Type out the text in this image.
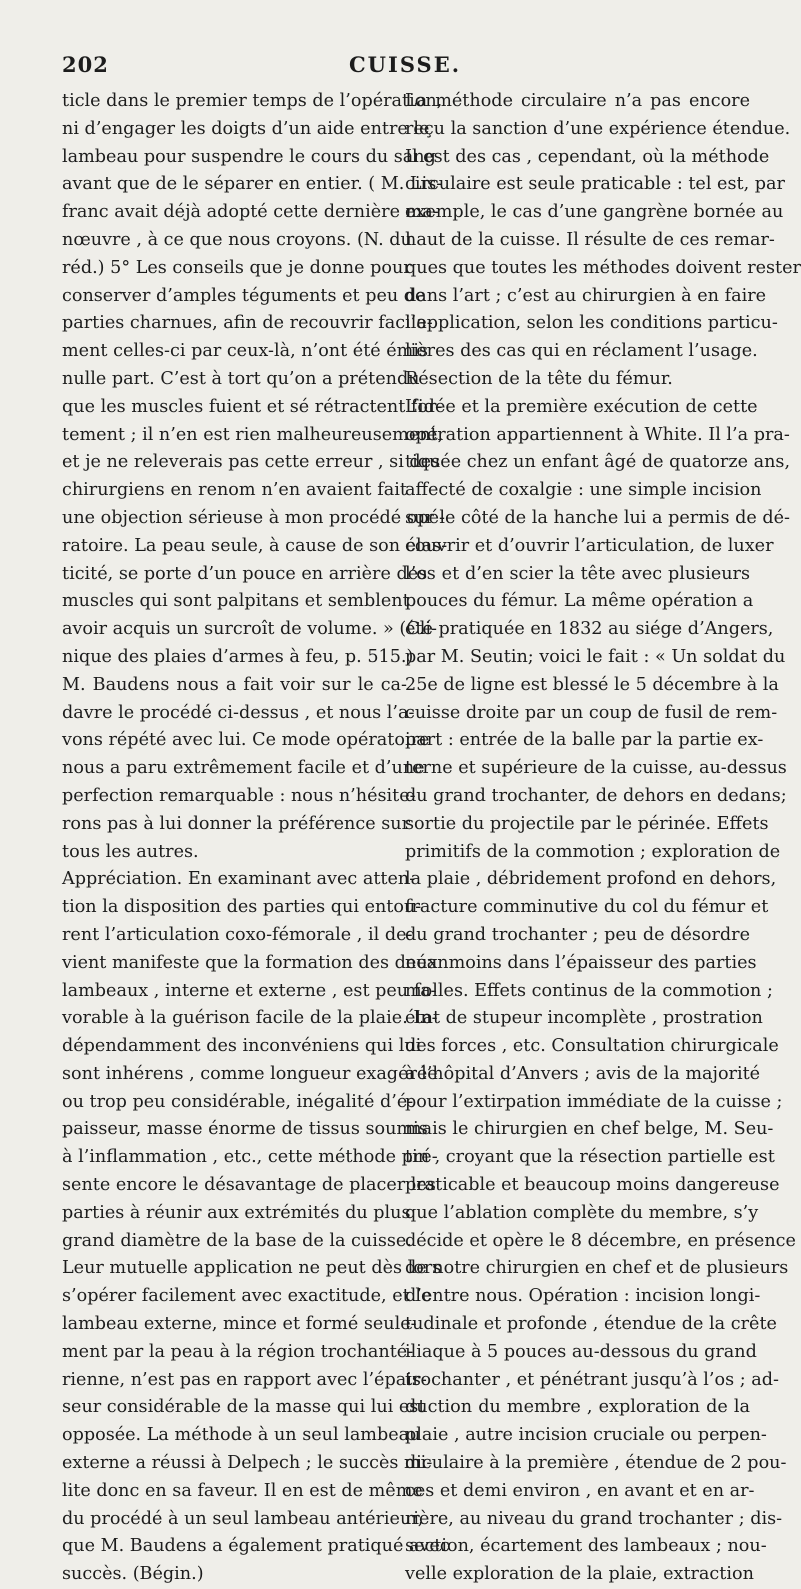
202	CUISSE.
ticle dans le premier temps de l’opération,
ni d’engager les doigts d’un aide entre le
lambeau pour suspendre le cours du sang
avant que de le séparer en entier. ( M. Lis-
franc avait déjà adopté cette dernière ma-
nœuvre , à ce que nous croyons. (N. du
réd.) 5° Les conseils que je donne pour
conserver d’amples téguments et peu de
parties charnues, afin de recouvrir facile-
ment celles-ci par ceux-là, n’ont été émis
nulle part. C’est à tort qu’on a prétendu
que les muscles fuient et sé rétractent for-
tement ; il n’en est rien malheureusement,
et je ne releverais pas cette erreur , si des
chirurgiens en renom n’en avaient fait
une objection sérieuse à mon procédé opé-
ratoire. La peau seule, à cause de son élas-
ticité, se porte d’un pouce en arrière des
muscles qui sont palpitans et semblent
avoir acquis un surcroît de volume. » (Cli-
nique des plaies d’armes à feu, p. 515.)
M. Baudens nous a fait voir sur le ca-
davre le procédé ci-dessus , et nous l’a-
vons répété avec lui. Ce mode opératoire
nous a paru extrêmement facile et d’une
perfection remarquable : nous n’hésite-
rons pas à lui donner la préférence sur
tous les autres.
Appréciation. En examinant avec atten-
tion la disposition des parties qui entou-
rent l’articulation coxo-fémorale , il de-
vient manifeste que la formation des deux
lambeaux , interne et externe , est peu fa-
vorable à la guérison facile de la plaie. In-
dépendamment des inconvéniens qui lui
sont inhérens , comme longueur exagérée
ou trop peu considérable, inégalité d’é-
paisseur, masse énorme de tissus soumis
à l’inflammation , etc., cette méthode pré-
sente encore le désavantage de placer les
parties à réunir aux extrémités du plus
grand diamètre de la base de la cuisse.
Leur mutuelle application ne peut dès lors
s’opérer facilement avec exactitude, et le
lambeau externe, mince et formé seule-
ment par la peau à la région trochanté-
rienne, n’est pas en rapport avec l’épais-
seur considérable de la masse qui lui est
opposée. La méthode à un seul lambeau
externe a réussi à Delpech ; le succès mi-
lite donc en sa faveur. Il en est de même
du procédé à un seul lambeau antérieur,
que M. Baudens a également pratiqué avec
succès. (Bégin.)
La méthode circulaire n’a pas encore
reçu la sanction d’une expérience étendue.
Il est des cas , cependant, où la méthode
circulaire est seule praticable : tel est, par
exemple, le cas d’une gangrène bornée au
haut de la cuisse. Il résulte de ces remar-
ques que toutes les méthodes doivent rester
dans l’art ; c’est au chirurgien à en faire
l’application, selon les conditions particu-
lières des cas qui en réclament l’usage.
Résection de la tête du fémur.
L’idée et la première exécution de cette
opération appartiennent à White. Il l’a pra-
tiquée chez un enfant âgé de quatorze ans,
affecté de coxalgie : une simple incision
sur le côté de la hanche lui a permis de dé-
couvrir et d’ouvrir l’articulation, de luxer
l’os et d’en scier la tête avec plusieurs
pouces du fémur. La même opération a
été pratiquée en 1832 au siége d’Angers,
par M. Seutin; voici le fait : « Un soldat du
25e de ligne est blessé le 5 décembre à la
cuisse droite par un coup de fusil de rem-
part : entrée de la balle par la partie ex-
terne et supérieure de la cuisse, au-dessus
du grand trochanter, de dehors en dedans;
sortie du projectile par le périnée. Effets
primitifs de la commotion ; exploration de
la plaie , débridement profond en dehors,
fracture comminutive du col du fémur et
du grand trochanter ; peu de désordre
néanmoins dans l’épaisseur des parties
molles. Effets continus de la commotion ;
état de stupeur incomplète , prostration
des forces , etc. Consultation chirurgicale
à l’hôpital d’Anvers ; avis de la majorité
pour l’extirpation immédiate de la cuisse ;
mais le chirurgien en chef belge, M. Seu-
tin , croyant que la résection partielle est
praticable et beaucoup moins dangereuse
que l’ablation complète du membre, s’y
décide et opère le 8 décembre, en présence
de notre chirurgien en chef et de plusieurs
d’entre nous. Opération : incision longi-
tudinale et profonde , étendue de la crête
iliaque à 5 pouces au-dessous du grand
trochanter , et pénétrant jusqu’à l’os ; ad-
duction du membre , exploration de la
plaie , autre incision cruciale ou perpen-
diculaire à la première , étendue de 2 pou-
ces et demi environ , en avant et en ar-
rière, au niveau du grand trochanter ; dis-
section, écartement des lambeaux ; nou-
velle exploration de la plaie, extraction
